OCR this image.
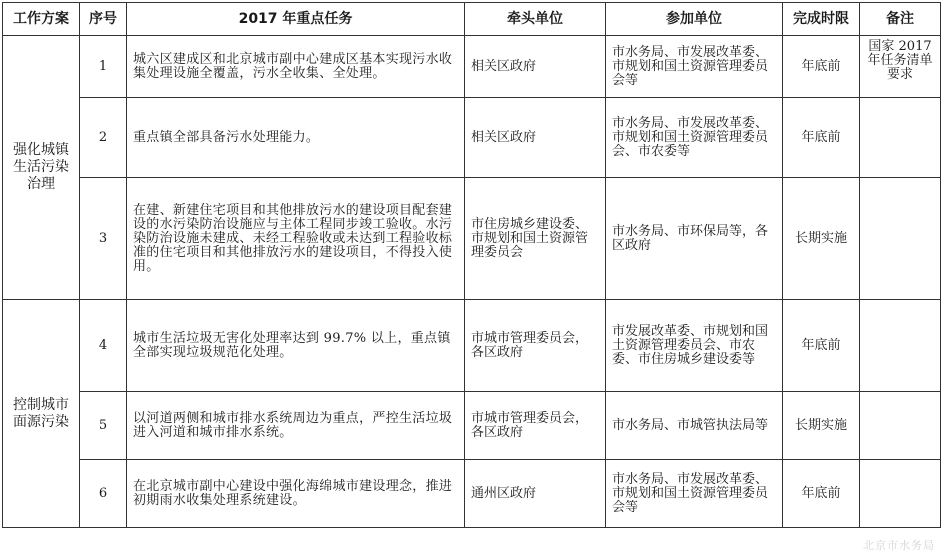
工作方案	序号	2017 年重点任务	牵头单位	参加单位	完成时限	备注
强化城镇生活污染治理	1	城六区建成区和北京城市副中心建成区基本实现污水收集处理设施全覆盖，污水全收集、全处理。	相关区政府	市水务局、市发展改革委、市规划和国土资源管理委员会等	年底前	国家 2017 年任务清单要求
	2	重点镇全部具备污水处理能力。	相关区政府	市水务局、市发展改革委、市规划和国土资源管理委员会、市农委等	年底前	
	3	在建、新建住宅项目和其他排放污水的建设项目配套建设的水污染防治设施应与主体工程同步竣工验收。水污染防治设施未建成、未经工程验收或未达到工程验收标准的住宅项目和其他排放污水的建设项目，不得投入使用。	市住房城乡建设委、市规划和国土资源管理委员会	市水务局、市环保局等，各区政府	长期实施	
控制城市面源污染	4	城市生活垃圾无害化处理率达到 99.7% 以上，重点镇全部实现垃圾规范化处理。	市城市管理委员会，各区政府	市发展改革委、市规划和国土资源管理委员会、市农委、市住房城乡建设委等	年底前	
	5	以河道两侧和城市排水系统周边为重点，严控生活垃圾进入河道和城市排水系统。	市城市管理委员会，各区政府	市水务局、市城管执法局等	长期实施	
	6	在北京城市副中心建设中强化海绵城市建设理念，推进初期雨水收集处理系统建设。	通州区政府	市水务局、市发展改革委、市规划和国土资源管理委员会等	年底前	
北京市水务局
